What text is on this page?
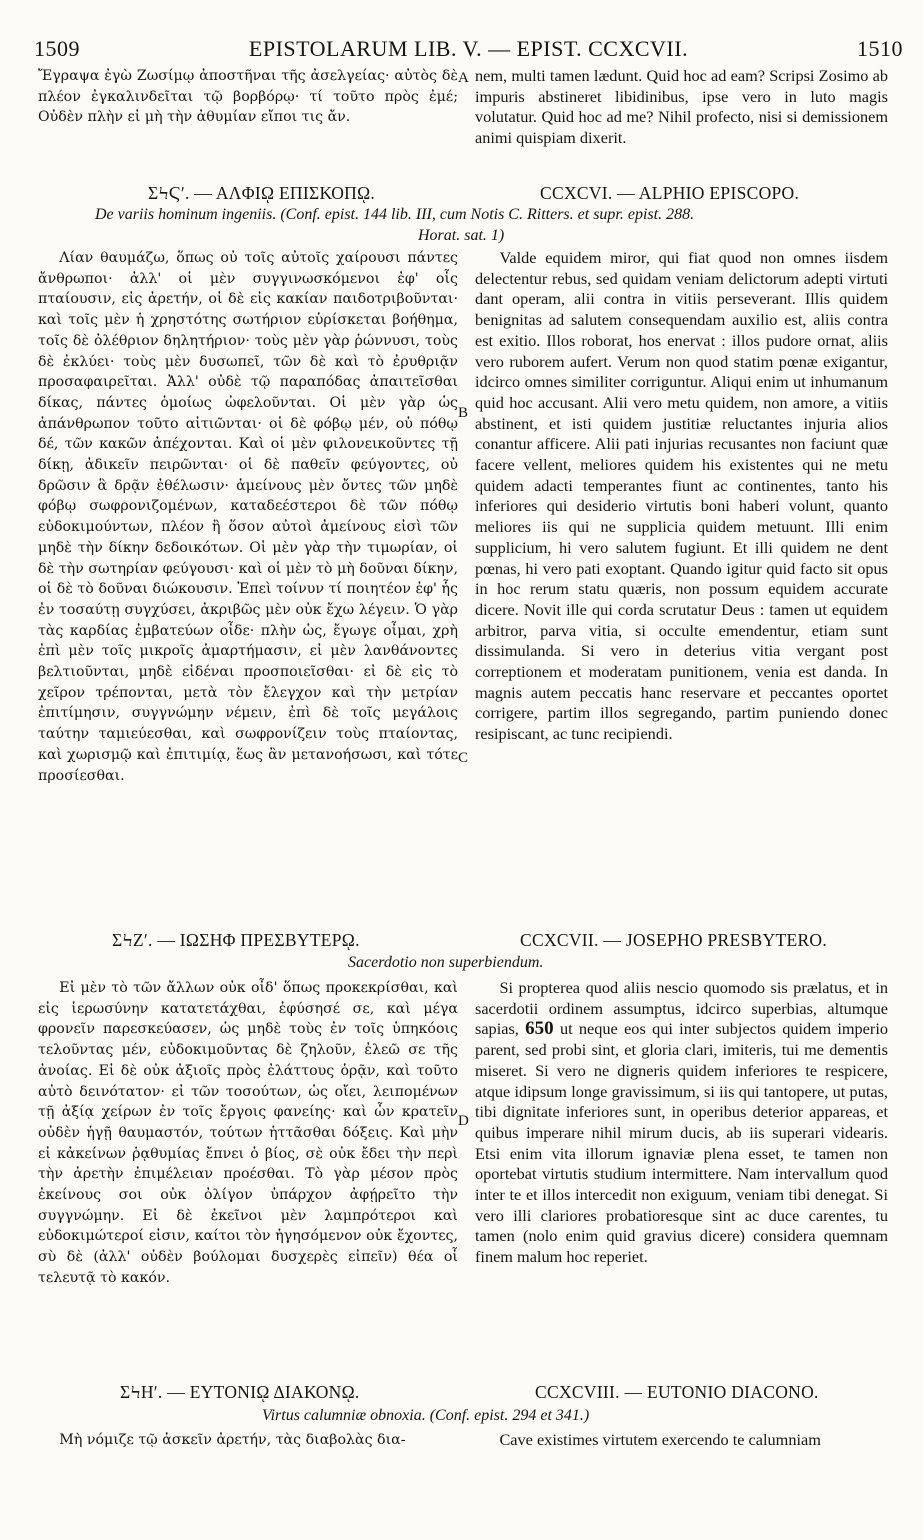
1509	EPISTOLARUM LIB. V. — EPIST. CCXCVII.	1510

Ἔγραψα ἐγὼ Ζωσίμῳ ἀποστῆναι τῆς ἀσελγείας· αὐτὸς δὲ πλέον ἐγκαλινδεῖται τῷ βορβόρῳ· τί τοῦτο πρὸς ἐμέ; Οὐδὲν πλὴν εἰ μὴ τὴν ἀθυμίαν εἴποι τις ἄν.

A nem, multi tamen lædunt. Quid hoc ad eam? Scripsi Zosimo ab impuris abstineret libidinibus, ipse vero in luto magis volutatur. Quid hoc ad me? Nihil profecto, nisi si demissionem animi quispiam dixerit.

ΣϞϚʹ. — ΑΛΦΙῼ ΕΠΙΣΚΟΠῼ.	CCXCVI. — ALPHIO EPISCOPO.
De variis hominum ingeniis. (Conf. epist. 144 lib. III, cum Notis C. Ritters. et supr. epist. 288.
Horat. sat. 1)

Λίαν θαυμάζω, ὅπως οὐ τοῖς αὐτοῖς χαίρουσι πάντες ἄνθρωποι· ἀλλ' οἱ μὲν συγγινωσκόμενοι ἐφ' οἷς πταίουσιν, εἰς ἀρετήν, οἱ δὲ εἰς κακίαν παιδοτριβοῦνται· καὶ τοῖς μὲν ἡ χρηστότης σωτήριον εὑρίσκεται βοήθημα, τοῖς δὲ ὀλέθριον δηλητήριον· τοὺς μὲν γὰρ ῥώννυσι, τοὺς δὲ ἐκλύει· τοὺς μὲν δυσωπεῖ, τῶν δὲ καὶ τὸ ἐρυθριᾷν προσαφαιρεῖται. Ἀλλ' οὐδὲ τῷ παραπόδας ἀπαιτεῖσθαι δίκας, πάντες ὁμοίως ὠφελοῦνται. Οἱ μὲν γὰρ ὡς ἀπάνθρωπον τοῦτο αἰτιῶνται· οἱ δὲ φόβῳ μέν, οὐ πόθῳ δέ, τῶν κακῶν ἀπέχονται. Καὶ οἱ μὲν φιλονεικοῦντες τῇ δίκῃ, ἀδικεῖν πειρῶνται· οἱ δὲ παθεῖν φεύγοντες, οὐ δρῶσιν ἃ δρᾷν ἐθέλωσιν· ἀμείνους μὲν ὄντες τῶν μηδὲ φόβῳ σωφρονιζομένων, καταδεέστεροι δὲ τῶν πόθῳ εὐδοκιμούντων, πλέον ἢ ὅσον αὐτοὶ ἀμείνους εἰσὶ τῶν μηδὲ τὴν δίκην δεδοικότων. Οἱ μὲν γὰρ τὴν τιμωρίαν, οἱ δὲ τὴν σωτηρίαν φεύγουσι· καὶ οἱ μὲν τὸ μὴ δοῦναι δίκην, οἱ δὲ τὸ δοῦναι διώκουσιν. Ἐπεὶ τοίνυν τί ποιητέον ἐφ' ἧς ἐν τοσαύτῃ συγχύσει, ἀκριβῶς μὲν οὐκ ἔχω λέγειν. Ὁ γὰρ τὰς καρδίας ἐμβατεύων οἶδε· πλὴν ὡς, ἔγωγε οἶμαι, χρὴ ἐπὶ μὲν τοῖς μικροῖς ἁμαρτήμασιν, εἰ μὲν λανθάνοντες βελτιοῦνται, μηδὲ εἰδέναι προσποιεῖσθαι· εἰ δὲ εἰς τὸ χεῖρον τρέπονται, μετὰ τὸν ἔλεγχον καὶ τὴν μετρίαν ἐπιτίμησιν, συγγνώμην νέμειν, ἐπὶ δὲ τοῖς μεγάλοις ταύτην ταμιεύεσθαι, καὶ σωφρονίζειν τοὺς πταίοντας, καὶ χωρισμῷ καὶ ἐπιτιμίᾳ, ἕως ἂν μετανοήσωσι, καὶ τότε προσίεσθαι.

B
C

Valde equidem miror, qui fiat quod non omnes iisdem delectentur rebus, sed quidam veniam delictorum adepti virtuti dant operam, alii contra in vitiis perseverant. Illis quidem benignitas ad salutem consequendam auxilio est, aliis contra est exitio. Illos roborat, hos enervat : illos pudore ornat, aliis vero ruborem aufert. Verum non quod statim pœnæ exigantur, idcirco omnes similiter corriguntur. Aliqui enim ut inhumanum quid hoc accusant. Alii vero metu quidem, non amore, a vitiis abstinent, et isti quidem justitiæ reluctantes injuria alios conantur afficere. Alii pati injurias recusantes non faciunt quæ facere vellent, meliores quidem his existentes qui ne metu quidem adacti temperantes fiunt ac continentes, tanto his inferiores qui desiderio virtutis boni haberi volunt, quanto meliores iis qui ne supplicia quidem metuunt. Illi enim supplicium, hi vero salutem fugiunt. Et illi quidem ne dent pœnas, hi vero pati exoptant. Quando igitur quid facto sit opus in hoc rerum statu quæris, non possum equidem accurate dicere. Novit ille qui corda scrutatur Deus : tamen ut equidem arbitror, parva vitia, si occulte emendentur, etiam sunt dissimulanda. Si vero in deterius vitia vergant post correptionem et moderatam punitionem, venia est danda. In magnis autem peccatis hanc reservare et peccantes oportet corrigere, partim illos segregando, partim puniendo donec resipiscant, ac tunc recipiendi.

ΣϞΖʹ. — ΙΩΣΗΦ ΠΡΕΣΒΥΤΕΡῼ.	CCXCVII. — JOSEPHO PRESBYTERO.
Sacerdotio non superbiendum.

Εἰ μὲν τὸ τῶν ἄλλων οὐκ οἶδ' ὅπως προκεκρίσθαι, καὶ εἰς ἱερωσύνην κατατετάχθαι, ἐφύσησέ σε, καὶ μέγα φρονεῖν παρεσκεύασεν, ὡς μηδὲ τοὺς ἐν τοῖς ὑπηκόοις τελοῦντας μέν, εὐδοκιμοῦντας δὲ ζηλοῦν, ἐλεῶ σε τῆς ἀνοίας. Εἰ δὲ οὐκ ἀξιοῖς πρὸς ἐλάττους ὁρᾷν, καὶ τοῦτο αὐτὸ δεινότατον· εἰ τῶν τοσούτων, ὡς οἴει, λειπομένων τῇ ἀξίᾳ χείρων ἐν τοῖς ἔργοις φανείης· καὶ ὧν κρατεῖν οὐδὲν ἡγῇ θαυμαστόν, τούτων ἡττᾶσθαι δόξεις. Καὶ μὴν εἰ κἀκείνων ῥᾳθυμίας ἔπνει ὁ βίος, σὲ οὐκ ἔδει τὴν περὶ τὴν ἀρετὴν ἐπιμέλειαν προέσθαι. Τὸ γὰρ μέσον πρὸς ἐκείνους σοι οὐκ ὀλίγον ὑπάρχον ἀφῄρεῖτο τὴν συγγνώμην. Εἰ δὲ ἐκεῖνοι μὲν λαμπρότεροι καὶ εὐδοκιμώτεροί εἰσιν, καίτοι τὸν ἡγησόμενον οὐκ ἔχοντες, σὺ δὲ (ἀλλ' οὐδὲν βούλομαι δυσχερὲς εἰπεῖν) θέα οἷ τελευτᾷ τὸ κακόν.

D

Si propterea quod aliis nescio quomodo sis prælatus, et in sacerdotii ordinem assumptus, idcirco superbias, altumque sapias, 650 ut neque eos qui inter subjectos quidem imperio parent, sed probi sint, et gloria clari, imiteris, tui me dementis miseret. Si vero ne digneris quidem inferiores te respicere, atque idipsum longe gravissimum, si iis qui tantopere, ut putas, tibi dignitate inferiores sunt, in operibus deterior appareas, et quibus imperare nihil mirum ducis, ab iis superari videaris. Etsi enim vita illorum ignaviæ plena esset, te tamen non oportebat virtutis studium intermittere. Nam intervallum quod inter te et illos intercedit non exiguum, veniam tibi denegat. Si vero illi clariores probatioresque sint ac duce carentes, tu tamen (nolo enim quid gravius dicere) considera quemnam finem malum hoc reperiet.

ΣϞΗʹ. — ΕΥΤΟΝΙῼ ΔΙΑΚΟΝῼ.	CCXCVIII. — EUTONIO DIACONO.
Virtus calumniæ obnoxia. (Conf. epist. 294 et 341.)

Μὴ νόμιζε τῷ ἀσκεῖν ἀρετήν, τὰς διαβολὰς δια-	Cave existimes virtutem exercendo te calumniam
